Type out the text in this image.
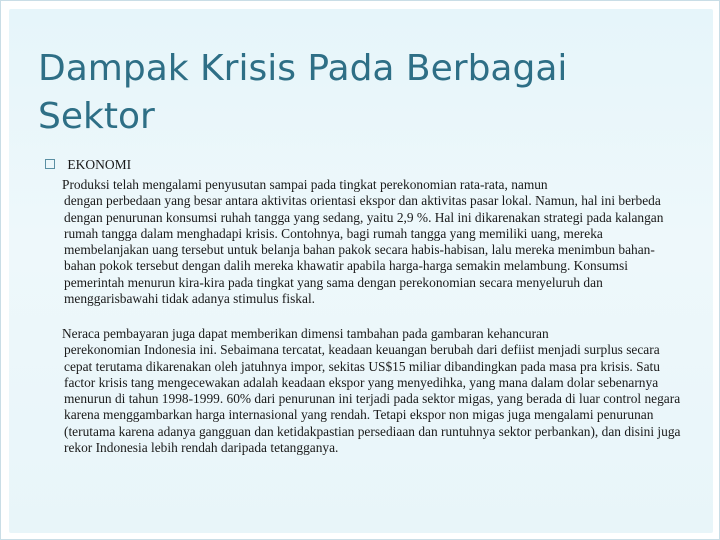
Dampak Krisis Pada Berbagai Sektor
EKONOMI

Produksi telah mengalami penyusutan sampai pada tingkat perekonomian rata-rata, namun
dengan perbedaan yang besar antara aktivitas orientasi ekspor dan aktivitas pasar lokal. Namun, hal ini berbeda dengan penurunan konsumsi ruhah tangga yang sedang, yaitu 2,9 %. Hal ini dikarenakan strategi pada kalangan rumah tangga dalam menghadapi krisis. Contohnya, bagi rumah tangga yang memiliki uang, mereka membelanjakan uang tersebut untuk belanja bahan pakok secara habis-habisan, lalu mereka menimbun bahan-bahan pokok tersebut dengan dalih mereka khawatir apabila harga-harga semakin melambung. Konsumsi pemerintah menurun kira-kira pada tingkat yang sama dengan perekonomian secara menyeluruh dan menggarisbawahi tidak adanya stimulus fiskal.

Neraca pembayaran juga dapat memberikan dimensi tambahan pada gambaran kehancuran
perekonomian Indonesia ini. Sebaimana tercatat, keadaan keuangan berubah dari defiist menjadi surplus secara cepat terutama dikarenakan oleh jatuhnya impor, sekitas US$15 miliar dibandingkan pada masa pra krisis. Satu factor krisis tang mengecewakan adalah keadaan ekspor yang menyedihka, yang mana dalam dolar sebenarnya menurun di tahun 1998-1999. 60% dari penurunan ini terjadi pada sektor migas, yang berada di luar control negara karena menggambarkan harga internasional yang rendah. Tetapi ekspor non migas juga mengalami penurunan (terutama karena adanya gangguan dan ketidakpastian persediaan dan runtuhnya sektor perbankan), dan disini juga rekor Indonesia lebih rendah daripada tetangganya.
